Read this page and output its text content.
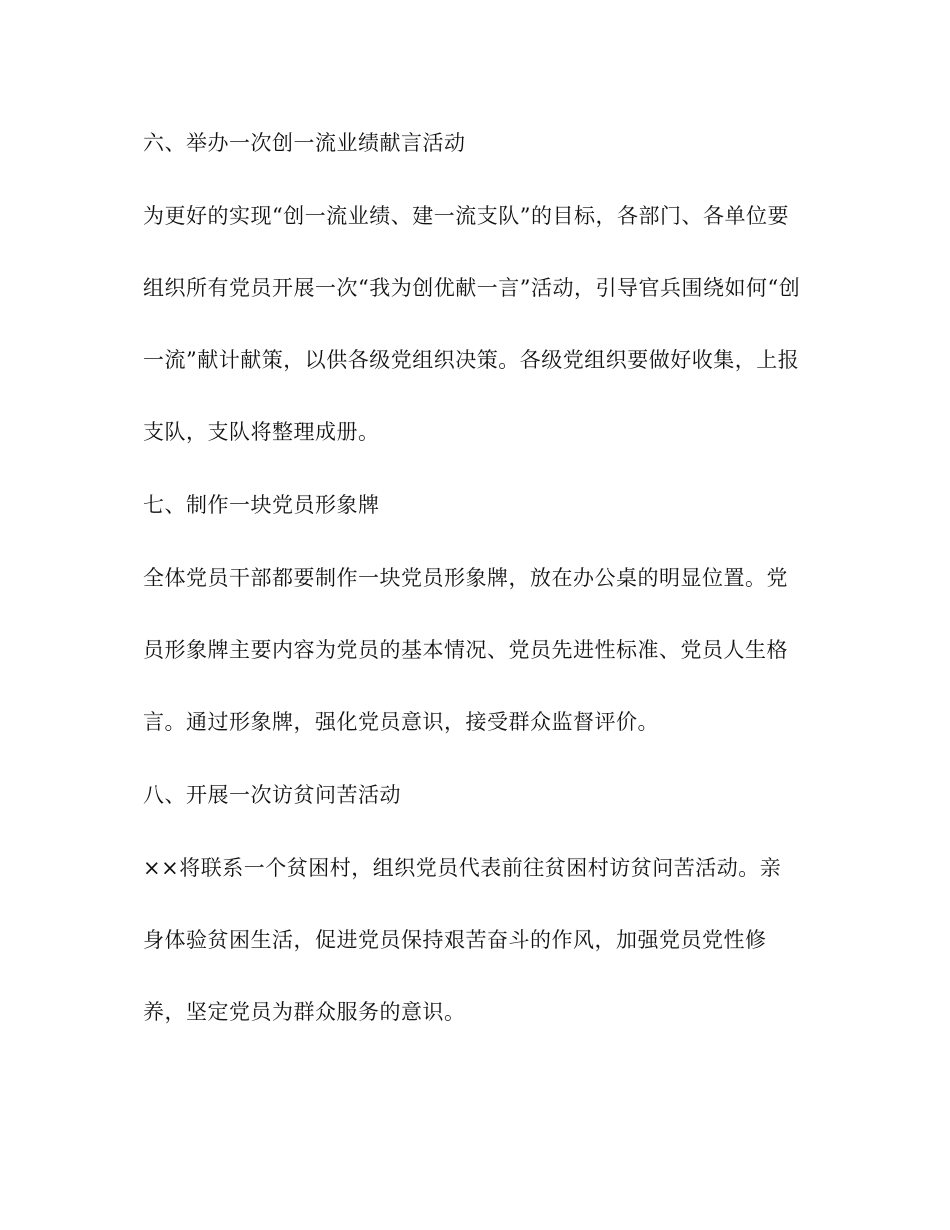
六、举办一次创一流业绩献言活动
为更好的实现“创一流业绩、建一流支队”的目标，各部门、各单位要
组织所有党员开展一次“我为创优献一言”活动，引导官兵围绕如何“创
一流”献计献策，以供各级党组织决策。各级党组织要做好收集，上报
支队，支队将整理成册。
七、制作一块党员形象牌
全体党员干部都要制作一块党员形象牌，放在办公桌的明显位置。党
员形象牌主要内容为党员的基本情况、党员先进性标准、党员人生格
言。通过形象牌，强化党员意识，接受群众监督评价。
八、开展一次访贫问苦活动
××将联系一个贫困村，组织党员代表前往贫困村访贫问苦活动。亲
身体验贫困生活，促进党员保持艰苦奋斗的作风，加强党员党性修
养，坚定党员为群众服务的意识。
